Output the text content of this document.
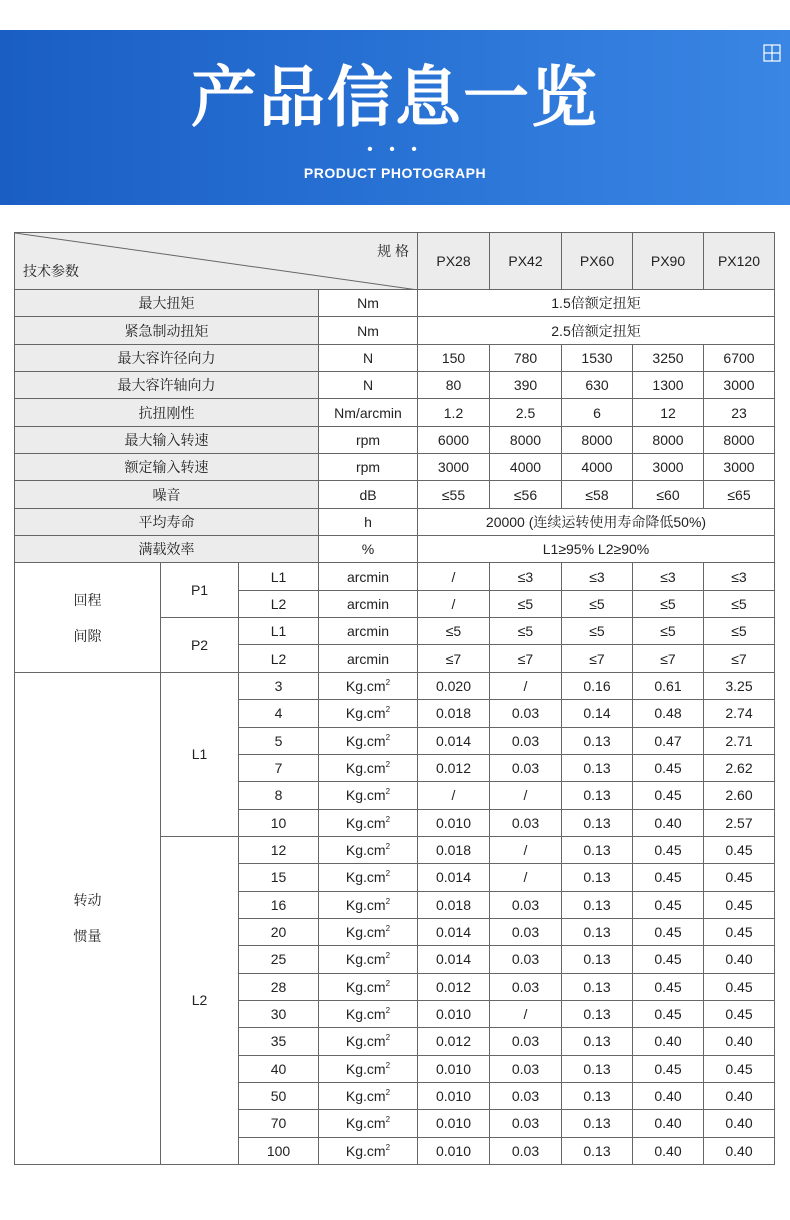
产品信息一览
• • •
PRODUCT PHOTOGRAPH
规 格
技术参数				PX28	PX42	PX60	PX90	PX120
最大扭矩			Nm	1.5倍额定扭矩				
紧急制动扭矩			Nm	2.5倍额定扭矩				
最大容许径向力			N	150	780	1530	3250	6700
最大容许轴向力			N	80	390	630	1300	3000
抗扭刚性			Nm/arcmin	1.2	2.5	6	12	23
最大输入转速			rpm	6000	8000	8000	8000	8000
额定输入转速			rpm	3000	4000	4000	3000	3000
噪音			dB	≤55	≤56	≤58	≤60	≤65
平均寿命			h	20000 (连续运转使用寿命降低50%)				
满载效率			%	L1≥95% L2≥90%				

回程
间隙	P1	L1	arcmin	/	≤3	≤3	≤3	≤3
		L2	arcmin	/	≤5	≤5	≤5	≤5
	P2	L1	arcmin	≤5	≤5	≤5	≤5	≤5
		L2	arcmin	≤7	≤7	≤7	≤7	≤7

转动
惯量	L1	3	$Kg.cm^2$	0.020	/	0.16	0.61	3.25
		4	$Kg.cm^2$	0.018	0.03	0.14	0.48	2.74
		5	$Kg.cm^2$	0.014	0.03	0.13	0.47	2.71
		7	$Kg.cm^2$	0.012	0.03	0.13	0.45	2.62
		8	$Kg.cm^2$	/	/	0.13	0.45	2.60
		10	$Kg.cm^2$	0.010	0.03	0.13	0.40	2.57
	L2	12	$Kg.cm^2$	0.018	/	0.13	0.45	0.45
		15	$Kg.cm^2$	0.014	/	0.13	0.45	0.45
		16	$Kg.cm^2$	0.018	0.03	0.13	0.45	0.45
		20	$Kg.cm^2$	0.014	0.03	0.13	0.45	0.45
		25	$Kg.cm^2$	0.014	0.03	0.13	0.45	0.40
		28	$Kg.cm^2$	0.012	0.03	0.13	0.45	0.45
		30	$Kg.cm^2$	0.010	/	0.13	0.45	0.45
		35	$Kg.cm^2$	0.012	0.03	0.13	0.40	0.40
		40	$Kg.cm^2$	0.010	0.03	0.13	0.45	0.45
		50	$Kg.cm^2$	0.010	0.03	0.13	0.40	0.40
		70	$Kg.cm^2$	0.010	0.03	0.13	0.40	0.40
		100	$Kg.cm^2$	0.010	0.03	0.13	0.40	0.40
